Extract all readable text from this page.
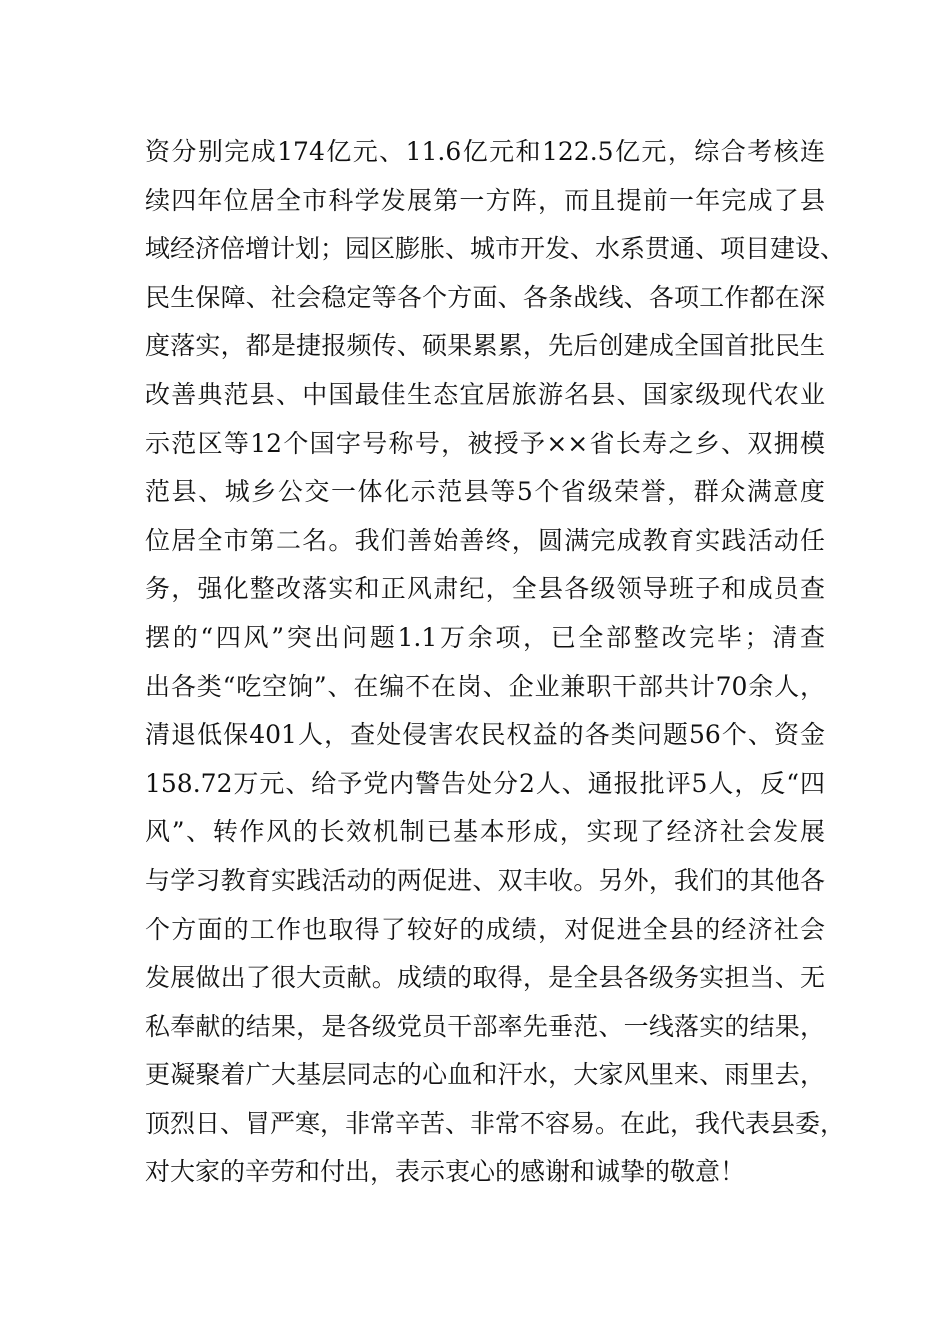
资分别完成174亿元、11.6亿元和122.5亿元，综合考核连
续四年位居全市科学发展第一方阵，而且提前一年完成了县
域经济倍增计划；园区膨胀、城市开发、水系贯通、项目建设、
民生保障、社会稳定等各个方面、各条战线、各项工作都在深
度落实，都是捷报频传、硕果累累，先后创建成全国首批民生
改善典范县、中国最佳生态宜居旅游名县、国家级现代农业
示范区等12个国字号称号，被授予××省长寿之乡、双拥模
范县、城乡公交一体化示范县等5个省级荣誉，群众满意度
位居全市第二名。我们善始善终，圆满完成教育实践活动任
务，强化整改落实和正风肃纪，全县各级领导班子和成员查
摆的“四风”突出问题1.1万余项，已全部整改完毕；清查
出各类“吃空饷”、在编不在岗、企业兼职干部共计70余人，
清退低保401人，查处侵害农民权益的各类问题56个、资金
158.72万元、给予党内警告处分2人、通报批评5人，反“四
风”、转作风的长效机制已基本形成，实现了经济社会发展
与学习教育实践活动的两促进、双丰收。另外，我们的其他各
个方面的工作也取得了较好的成绩，对促进全县的经济社会
发展做出了很大贡献。成绩的取得，是全县各级务实担当、无
私奉献的结果，是各级党员干部率先垂范、一线落实的结果，
更凝聚着广大基层同志的心血和汗水，大家风里来、雨里去，
顶烈日、冒严寒，非常辛苦、非常不容易。在此，我代表县委，
对大家的辛劳和付出，表示衷心的感谢和诚挚的敬意！
